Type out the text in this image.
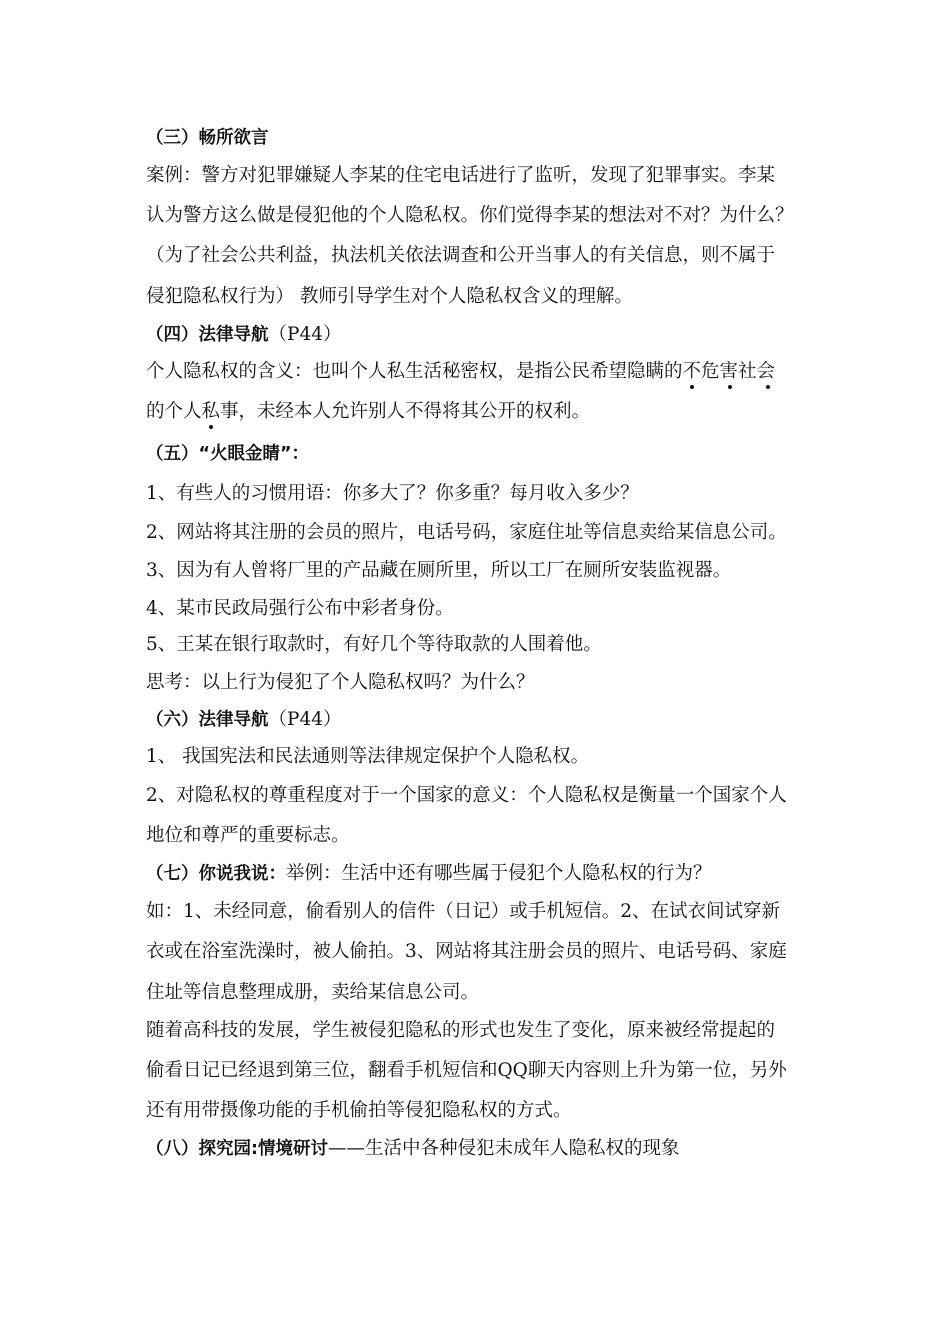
（三）畅所欲言
案例：警方对犯罪嫌疑人李某的住宅电话进行了监听，发现了犯罪事实。李某
认为警方这么做是侵犯他的个人隐私权。你们觉得李某的想法对不对？为什么？
（为了社会公共利益，执法机关依法调查和公开当事人的有关信息，则不属于
侵犯隐私权行为） 教师引导学生对个人隐私权含义的理解。
（四）法律导航（P44）
个人隐私权的含义：也叫个人私生活秘密权，是指公民希望隐瞒的不危害社会
的个人私事
，未经本人允许别人不得将其公开的权利。
（五）“火眼金睛”：
1、有些人的习惯用语：你多大了？你多重？每月收入多少？
2、网站将其注册的会员的照片，电话号码，家庭住址等信息卖给某信息公司。
3、因为有人曾将厂里的产品藏在厕所里，所以工厂在厕所安装监视器。
4、某市民政局强行公布中彩者身份。
5、王某在银行取款时，有好几个等待取款的人围着他。
思考：以上行为侵犯了个人隐私权吗？为什么？
（六）法律导航（P44）
1、 我国宪法和民法通则等法律规定保护个人隐私权。
2、对隐私权的尊重程度对于一个国家的意义：个人隐私权是衡量一个国家个人
地位和尊严的重要标志。
（七）你说我说：举例：生活中还有哪些属于侵犯个人隐私权的行为？
如：1、未经同意，偷看别人的信件（日记）或手机短信。2、在试衣间试穿新
衣或在浴室洗澡时，被人偷拍。3、网站将其注册会员的照片、电话号码、家庭
住址等信息整理成册，卖给某信息公司。
随着高科技的发展，学生被侵犯隐私的形式也发生了变化，原来被经常提起的
偷看日记已经退到第三位，翻看手机短信和QQ聊天内容则上升为第一位，另外
还有用带摄像功能的手机偷拍等侵犯隐私权的方式。
（八）探究园:情境研讨——生活中各种侵犯未成年人隐私权的现象
